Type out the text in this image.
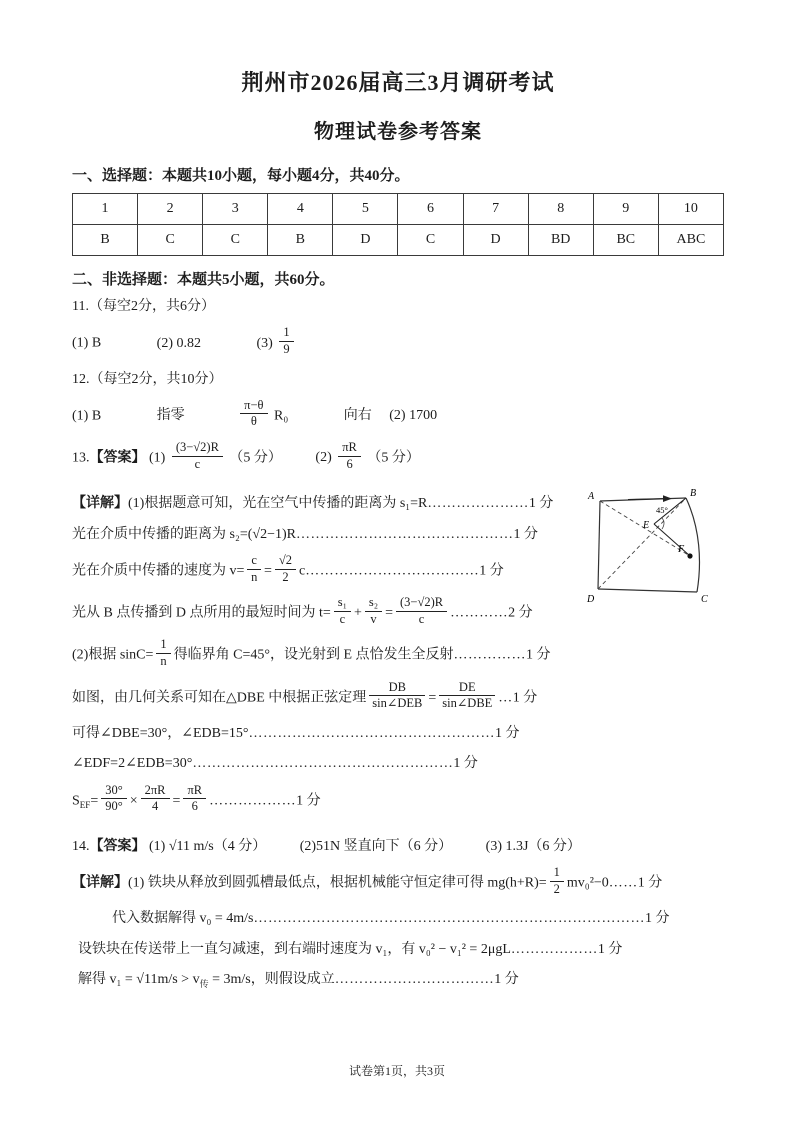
荆州市2026届高三3月调研考试
物理试卷参考答案
一、选择题：本题共10小题，每小题4分，共40分。
1	2	3	4	5	6	7	8	9	10
B	C	C	B	D	C	D	BD	BC	ABC
二、非选择题：本题共5小题，共60分。
11.（每空2分，共6分）
(1) B	(2) 0.82	$(3) \frac{1}{9}$
12.（每空2分，共10分）
(1) B	指零	$\frac{\pi-\theta}{\theta} R_0$	向右 (2) 1700
13.【答案】 $(1) \frac{(3-√2)R}{c} (5$ 分） $(2) \frac{\pi R}{6} (5$ 分）
【详解】(1)根据题意可知，光在空气中传播的距离为 s₁=R…………………1 分
光在介质中传播的距离为 s₂=(√2−1)R………………………………………1 分
光在介质中传播的速度为 $v= \frac{c}{n} = \frac{√2}{2}$ c………………………………1 分
光从 B 点传播到 D 点所用的最短时间为 $t= \frac{\text{s₁}}{c} + \frac{\text{s₂}}{v} = \frac{(3-√2)R}{c}$ …………2 分
(2)根据 $\sin C= \frac{1}{n}$ 得临界角 C=45°，设光射到 E 点恰发生全反射……………1 分
如图，由几何关系可知在△DBE 中根据正弦定理 $\frac{DB}{\text{sin∠DEB}} = \frac{DE}{\text{sin∠DBE}}$ …1 分
可得∠DBE=30°，∠EDB=15°……………………………………………1 分
∠EDF=2∠EDB=30°………………………………………………1 分
$S_{EF}= \frac{30^\circ}{90^\circ} \times \frac{2\pi R}{4} = \frac{\pi R}{6}$ ………………1 分
A	B
C
D
E
F
45°
14.【答案】 (1) √11 m/s（4 分） (2)51N 竖直向下（6 分） (3) 1.3J（6 分）
【详解】(1) 铁块从释放到圆弧槽最低点，根据机械能守恒定律可得 $mg(h+R)= \frac{1}{2}$ mv₀²−0……1 分
代入数据解得 v₀ = 4m/s………………………………………………………………………1 分
设铁块在传送带上一直匀减速，到右端时速度为 v₁，有 v₀² − v₁² = 2μgL………………1 分
解得 $v_1 = √11m/s > v_传 = 3m/s$，则假设成立……………………………1 分
试卷第1页，共3页
